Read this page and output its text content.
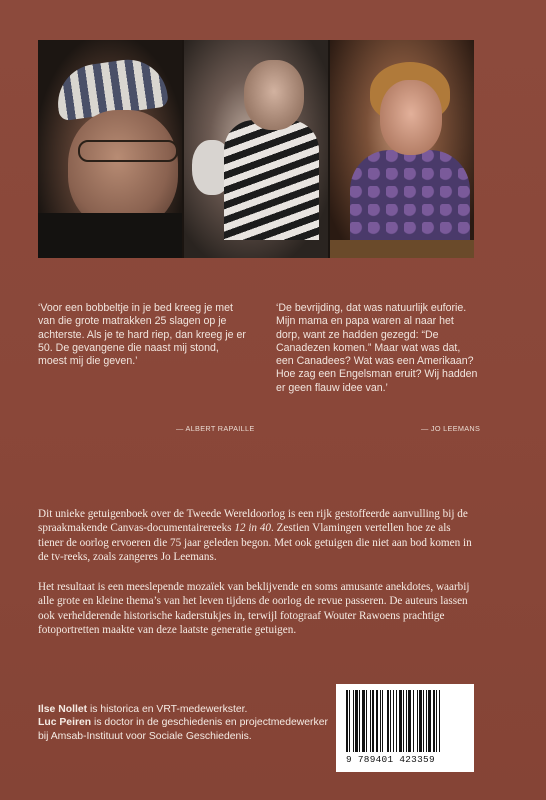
‘Voor een bobbeltje in je bed kreeg je met van die grote matrakken 25 slagen op je achterste. Als je te hard riep, dan kreeg je er 50. De gevangene die naast mij stond, moest mij die geven.’

— ALBERT RAPAILLE

‘De bevrijding, dat was natuurlijk euforie. Mijn mama en papa waren al naar het dorp, want ze hadden gezegd: “De Canadezen komen.” Maar wat was dat, een Canadees? Wat was een Amerikaan? Hoe zag een Engelsman eruit? Wij hadden er geen flauw idee van.’

— JO LEEMANS

Dit unieke getuigenboek over de Tweede Wereldoorlog is een rijk gestoffeerde aanvulling bij de spraakmakende Canvas-documentairereeks 12 in 40. Zestien Vlamingen vertellen hoe ze als tiener de oorlog ervoeren die 75 jaar geleden begon. Met ook getuigen die niet aan bod komen in de tv-reeks, zoals zangeres Jo Leemans.

Het resultaat is een meeslepende mozaïek van beklijvende en soms amusante anekdotes, waarbij alle grote en kleine thema’s van het leven tijdens de oorlog de revue passeren. De auteurs lassen ook verhelderende historische kaderstukjes in, terwijl fotograaf Wouter Rawoens prachtige fotoportretten maakte van deze laatste generatie getuigen.

Ilse Nollet is historica en VRT-medewerkster.

Luc Peiren is doctor in de geschiedenis en projectmedewerker bij Amsab-Instituut voor Sociale Geschiedenis.

9 789401 423359
